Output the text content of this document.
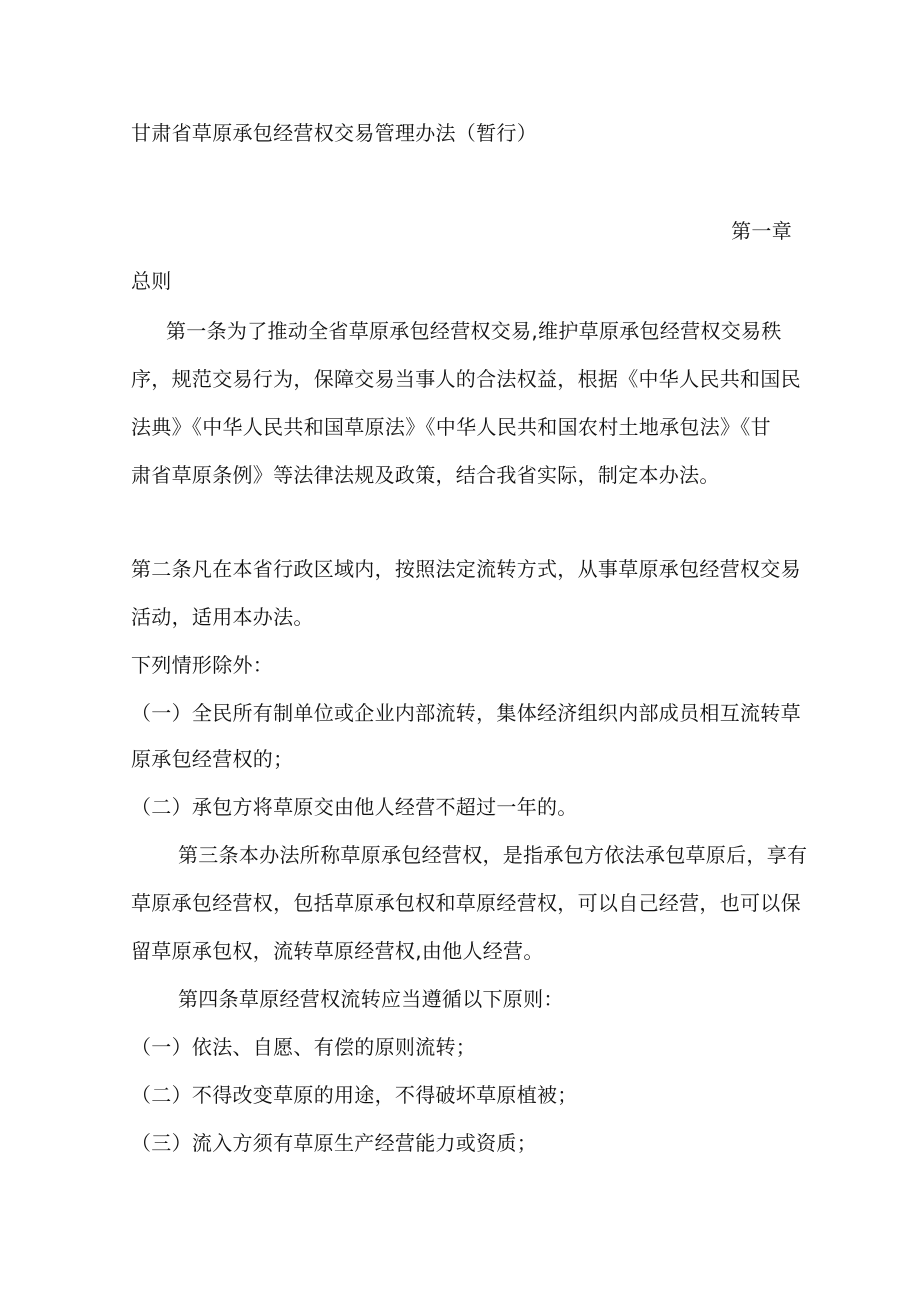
甘肃省草原承包经营权交易管理办法（暂行）
第一章
总则
第一条为了推动全省草原承包经营权交易,维护草原承包经营权交易秩
序，规范交易行为，保障交易当事人的合法权益，根据《中华人民共和国民
法典》《中华人民共和国草原法》《中华人民共和国农村土地承包法》《甘
肃省草原条例》等法律法规及政策，结合我省实际，制定本办法。
第二条凡在本省行政区域内，按照法定流转方式，从事草原承包经营权交易
活动，适用本办法。
下列情形除外：
（一）全民所有制单位或企业内部流转，集体经济组织内部成员相互流转草
原承包经营权的；
（二）承包方将草原交由他人经营不超过一年的。
第三条本办法所称草原承包经营权，是指承包方依法承包草原后，享有
草原承包经营权，包括草原承包权和草原经营权，可以自己经营，也可以保
留草原承包权，流转草原经营权,由他人经营。
第四条草原经营权流转应当遵循以下原则：
（一）依法、自愿、有偿的原则流转；
（二）不得改变草原的用途，不得破坏草原植被；
（三）流入方须有草原生产经营能力或资质；
